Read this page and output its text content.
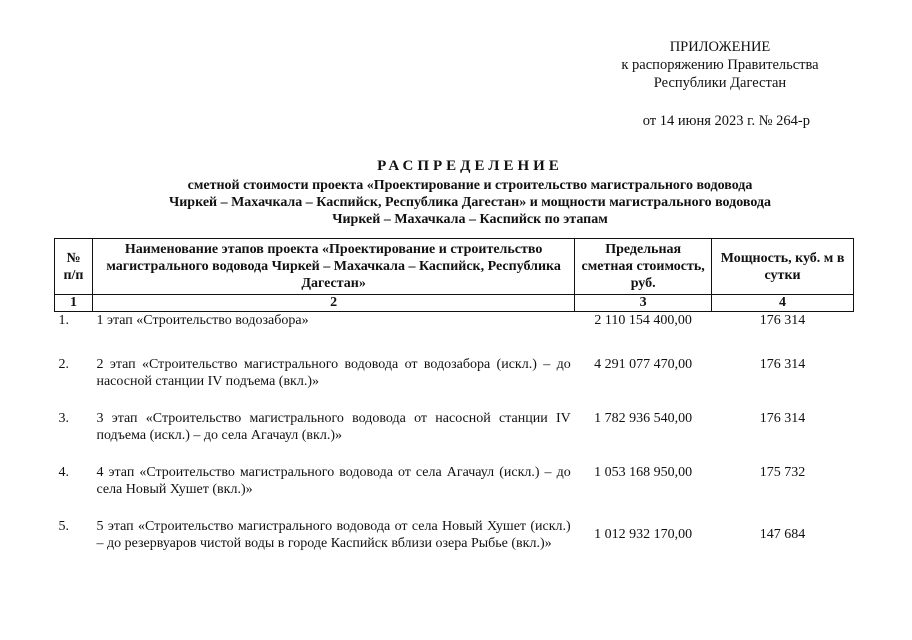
ПРИЛОЖЕНИЕ
к распоряжению Правительства
Республики Дагестан
от 14 июня 2023 г. № 264-р
РАСПРЕДЕЛЕНИЕ
сметной стоимости проекта «Проектирование и строительство магистрального водовода
Чиркей – Махачкала – Каспийск, Республика Дагестан» и мощности магистрального водовода
Чиркей – Махачкала – Каспийск по этапам
№ п/п	Наименование этапов проекта «Проектирование и строительство магистрального водовода Чиркей – Махачкала – Каспийск, Республика Дагестан»	Предельная сметная стоимость, руб.	Мощность, куб. м в сутки
1	2	3	4
1.	1 этап «Строительство водозабора»	2 110 154 400,00	176 314

2.	2 этап «Строительство магистрального водовода от водозабора (искл.) – до насосной станции IV подъема (вкл.)»	4 291 077 470,00	176 314

3.	3 этап «Строительство магистрального водовода от насосной станции IV подъема (искл.) – до села Агачаул (вкл.)»	1 782 936 540,00	176 314

4.	4 этап «Строительство магистрального водовода от села Агачаул (искл.) – до села Новый Хушет (вкл.)»	1 053 168 950,00	175 732

5.	5 этап «Строительство магистрального водовода от села Новый Хушет (искл.) – до резервуаров чистой воды в городе Каспийск вблизи озера Рыбье (вкл.)»	1 012 932 170,00	147 684
